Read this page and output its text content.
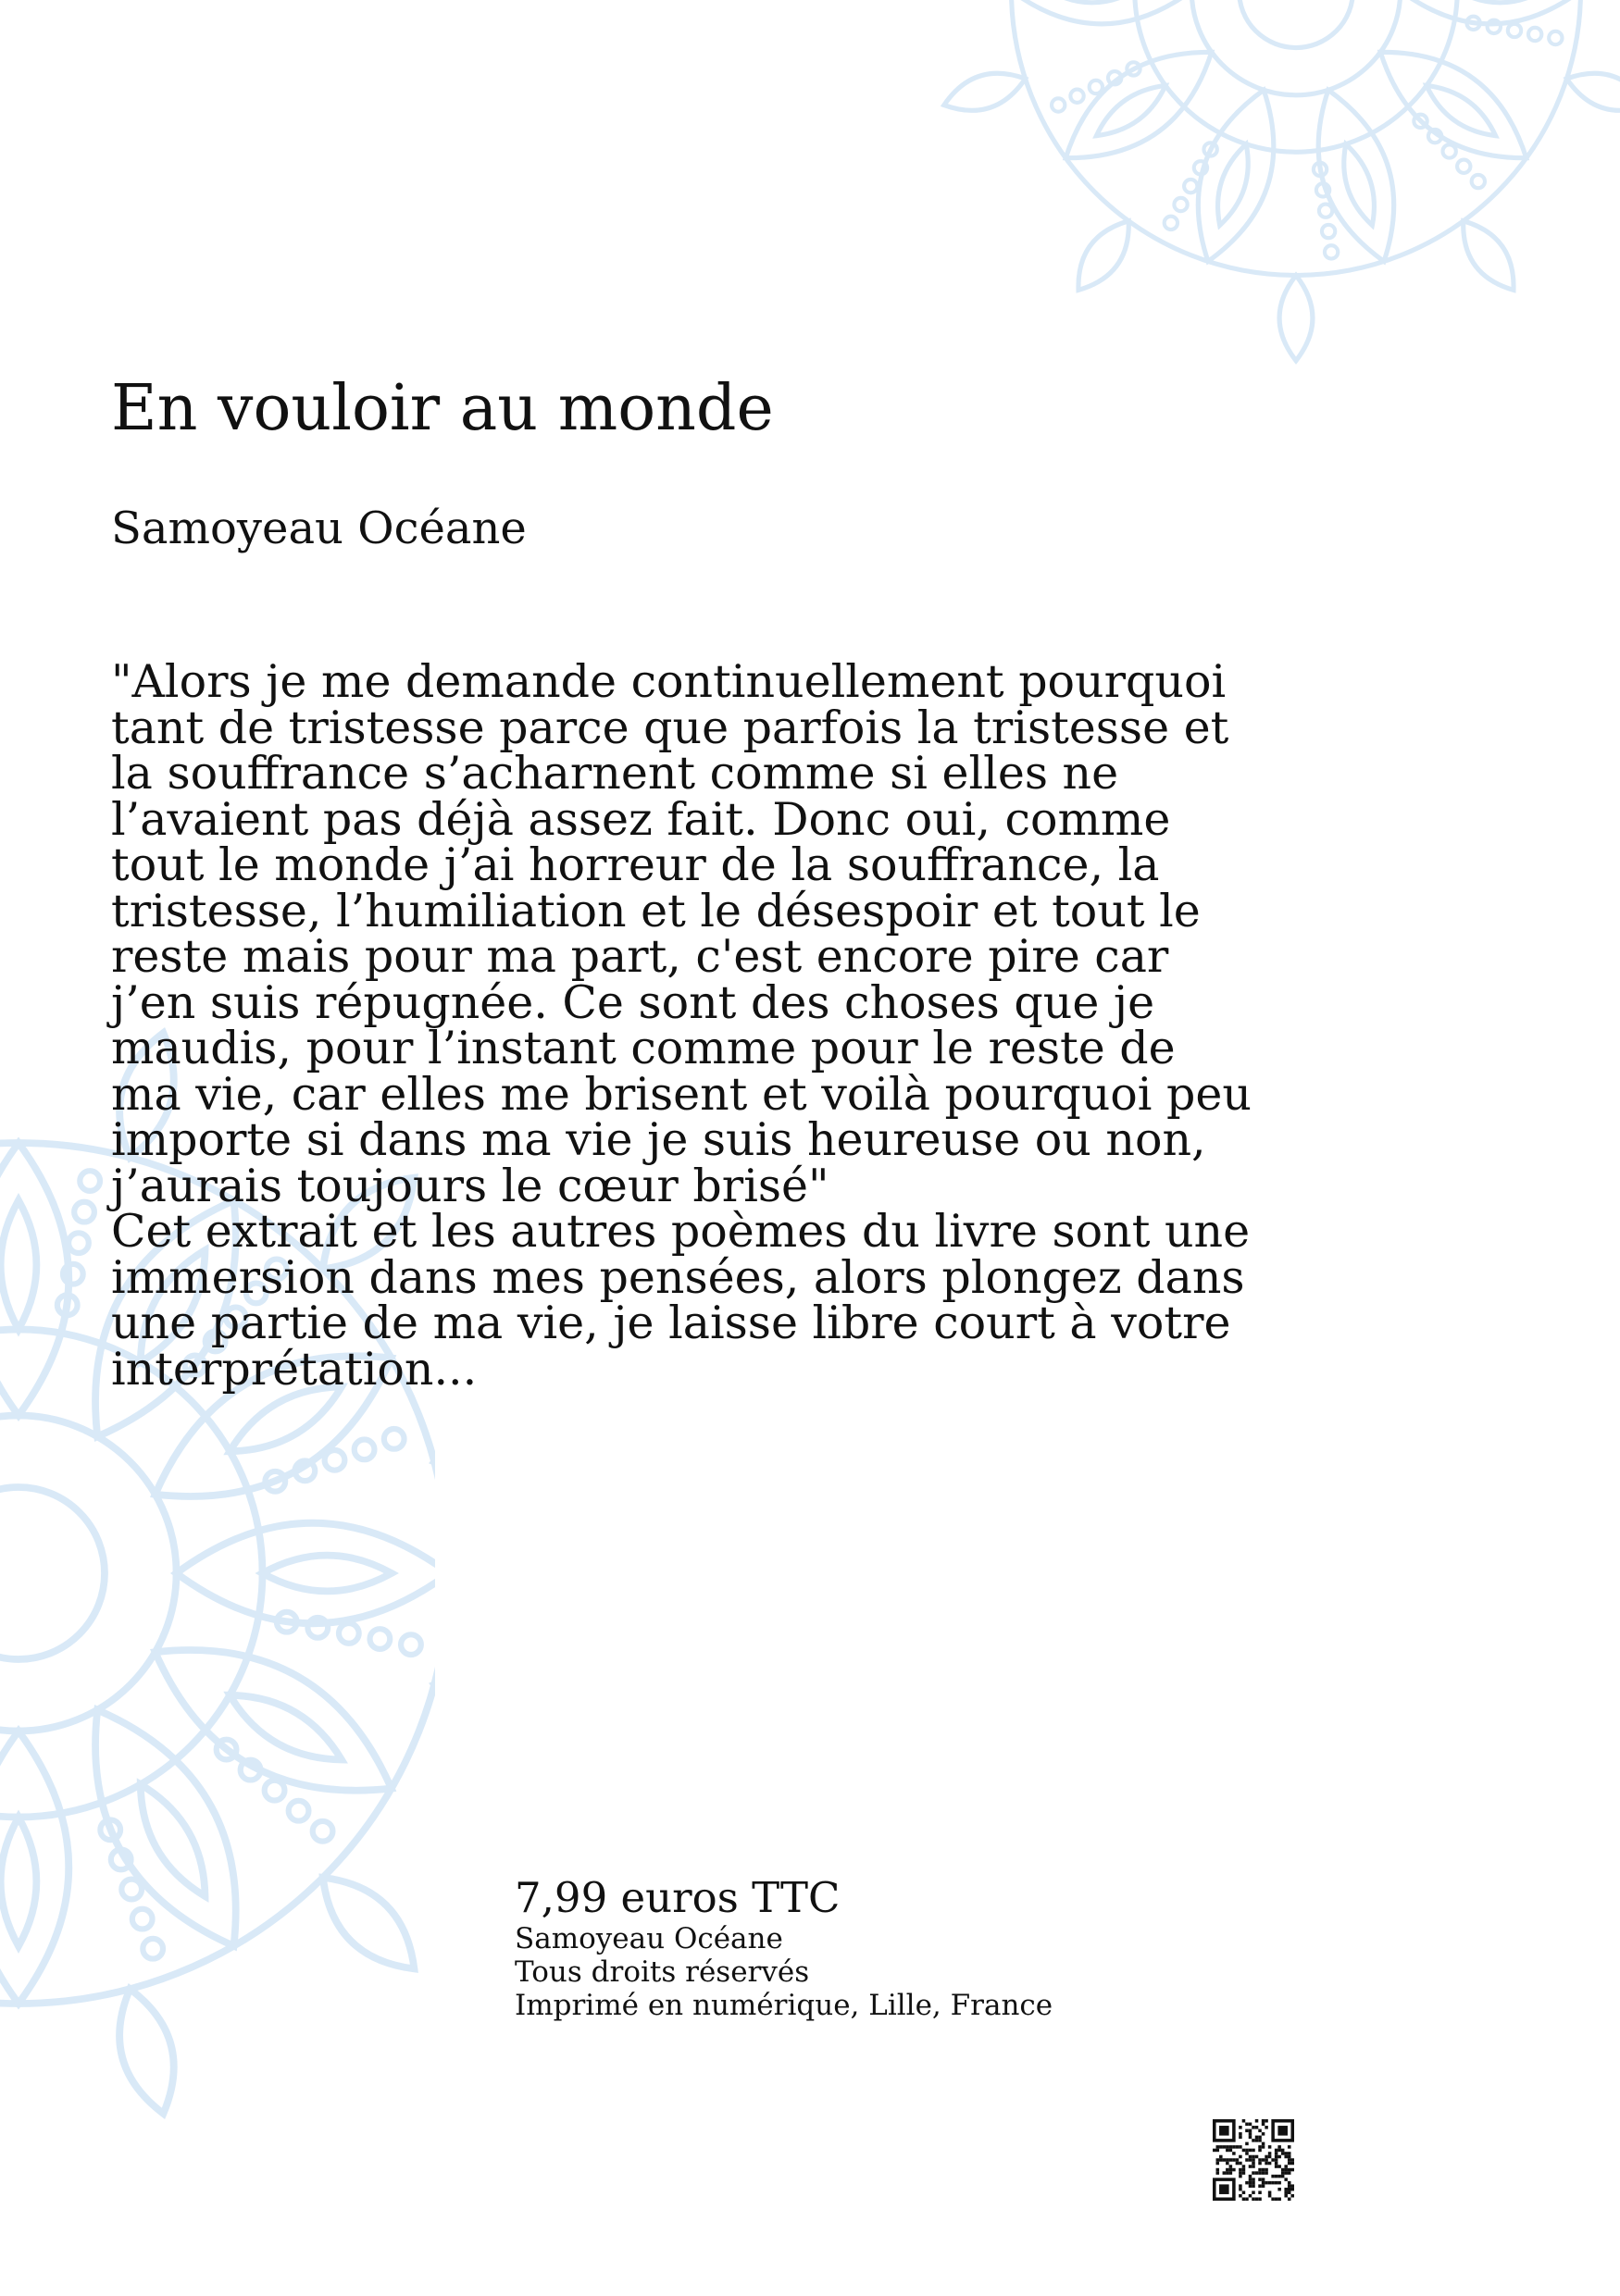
En vouloir au monde
Samoyeau Océane

"Alors je me demande continuellement pourquoi tant de tristesse parce que parfois la tristesse et la souffrance s’acharnent comme si elles ne l’avaient pas déjà assez fait. Donc oui, comme tout le monde j’ai horreur de la souffrance, la tristesse, l’humiliation et le désespoir et tout le reste mais pour ma part, c'est encore pire car j’en suis répugnée. Ce sont des choses que je maudis, pour l’instant comme pour le reste de ma vie, car elles me brisent et voilà pourquoi peu importe si dans ma vie je suis heureuse ou non, j’aurais toujours le cœur brisé"

Cet extrait et les autres poèmes du livre sont une immersion dans mes pensées, alors plongez dans une partie de ma vie, je laisse libre court à votre interprétation...

7,99 euros TTC
Samoyeau Océane
Tous droits réservés
Imprimé en numérique, Lille, France
